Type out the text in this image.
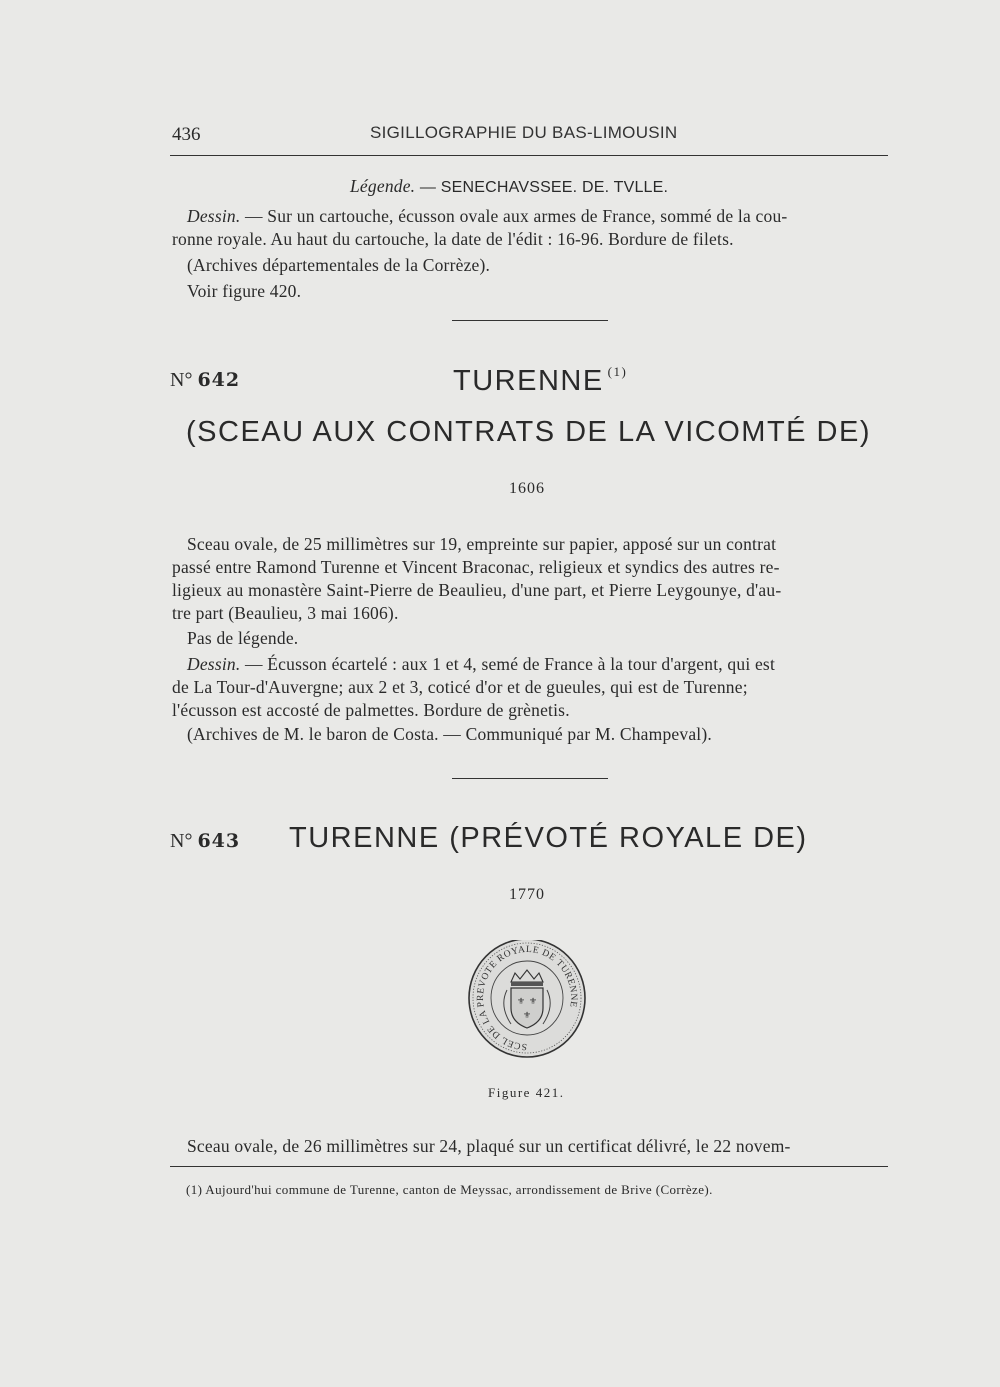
436	SIGILLOGRAPHIE DU BAS-LIMOUSIN
Légende. — SENECHAVSSEE. DE. TVLLE.
Dessin. — Sur un cartouche, écusson ovale aux armes de France, sommé de la cou-
ronne royale. Au haut du cartouche, la date de l'édit : 16-96. Bordure de filets.
(Archives départementales de la Corrèze).
Voir figure 420.
N° 642	TURENNE $^{(1)}$
(SCEAU AUX CONTRATS DE LA VICOMTÉ DE)
1606
Sceau ovale, de 25 millimètres sur 19, empreinte sur papier, apposé sur un contrat
passé entre Ramond Turenne et Vincent Braconac, religieux et syndics des autres re-
ligieux au monastère Saint-Pierre de Beaulieu, d'une part, et Pierre Leygounye, d'au-
tre part (Beaulieu, 3 mai 1606).
Pas de légende.
Dessin. — Écusson écartelé : aux 1 et 4, semé de France à la tour d'argent, qui est
de La Tour-d'Auvergne; aux 2 et 3, coticé d'or et de gueules, qui est de Turenne;
l'écusson est accosté de palmettes. Bordure de grènetis.
(Archives de M. le baron de Costa. — Communiqué par M. Champeval).
N° 643 TURENNE (PRÉVOTÉ ROYALE DE)
1770
SCEL DE LA PREVOTE ROYALE DE TURENNE
⚜ ⚜
⚜
Figure 421.
Sceau ovale, de 26 millimètres sur 24, plaqué sur un certificat délivré, le 22 novem-
(1) Aujourd'hui commune de Turenne, canton de Meyssac, arrondissement de Brive (Corrèze).
